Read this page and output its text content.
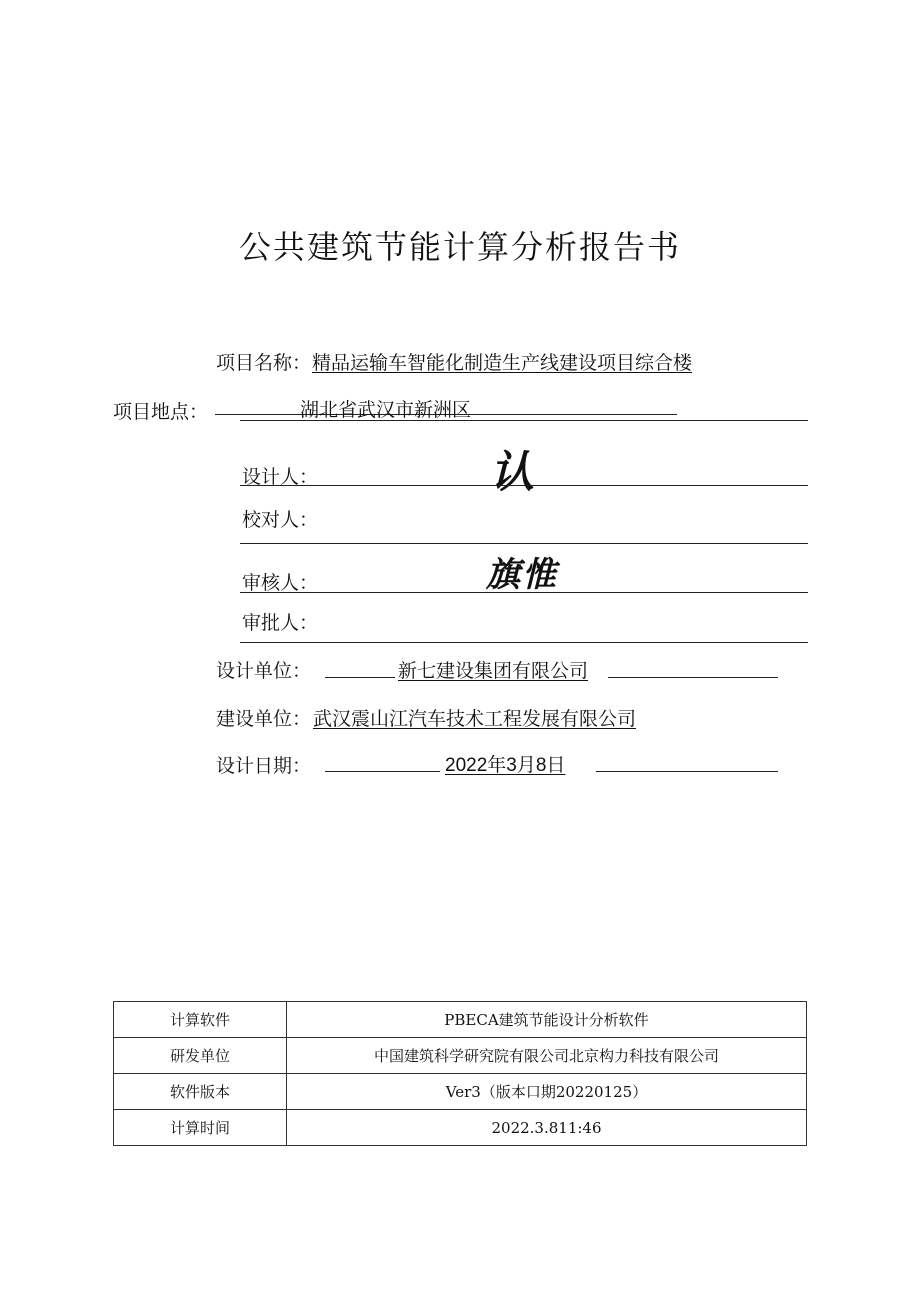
公共建筑节能计算分析报告书
项目名称： 精品运输车智能化制造生产线建设项目综合楼
项目地点：	湖北省武汉市新洲区
设计人：	认
校对人：
审核人：	旗惟
审批人：
设计单位：	新七建设集团有限公司
建设单位： 武汉震山江汽车技术工程发展有限公司
设计日期：	2022年3月8日
计算软件	PBECA建筑节能设计分析软件
研发单位	中国建筑科学研究院有限公司北京构力科技有限公司
软件版本	Ver3（版本口期20220125）
计算时间	2022.3.811:46
